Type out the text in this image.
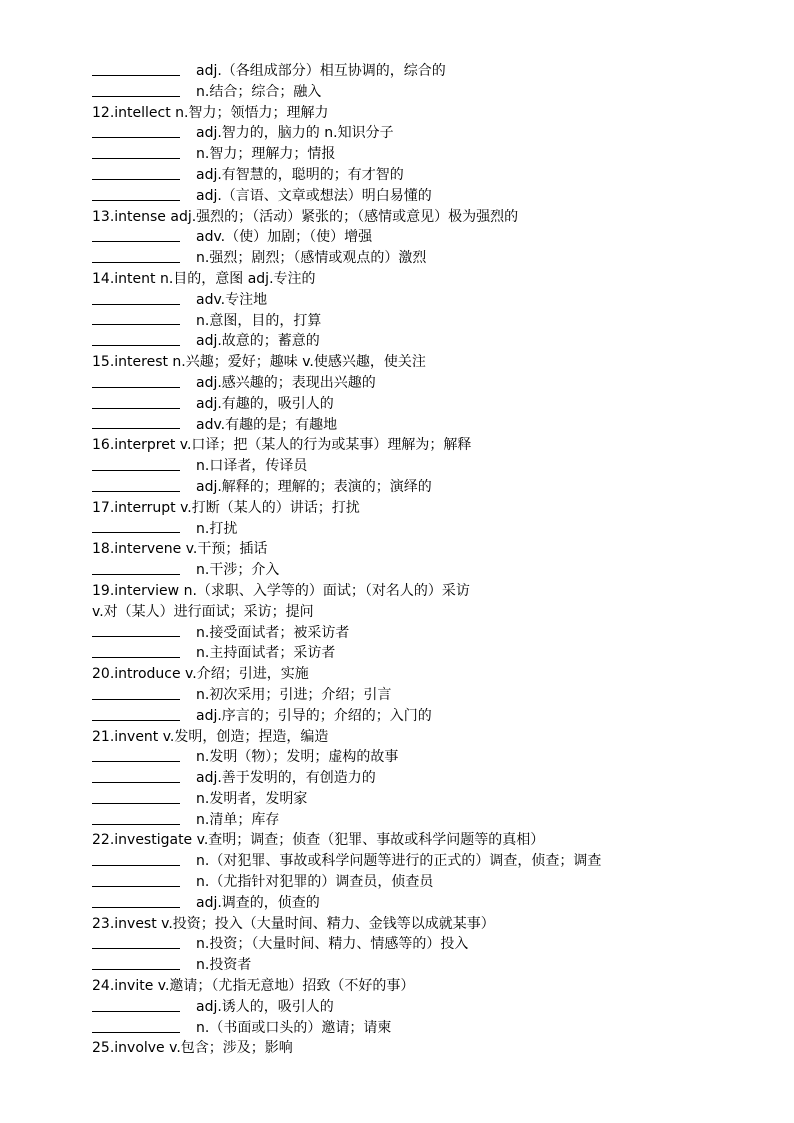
adj.（各组成部分）相互协调的，综合的
n.结合；综合；融入
12.intellect n.智力；领悟力；理解力
adj.智力的，脑力的 n.知识分子
n.智力；理解力；情报
adj.有智慧的，聪明的；有才智的
adj.（言语、文章或想法）明白易懂的
13.intense adj.强烈的；（活动）紧张的；（感情或意见）极为强烈的
adv.（使）加剧；（使）增强
n.强烈；剧烈；（感情或观点的）激烈
14.intent n.目的，意图 adj.专注的
adv.专注地
n.意图，目的，打算
adj.故意的；蓄意的
15.interest n.兴趣；爱好；趣味 v.使感兴趣，使关注
adj.感兴趣的；表现出兴趣的
adj.有趣的，吸引人的
adv.有趣的是；有趣地
16.interpret v.口译；把（某人的行为或某事）理解为；解释
n.口译者，传译员
adj.解释的；理解的；表演的；演绎的
17.interrupt v.打断（某人的）讲话；打扰
n.打扰
18.intervene v.干预；插话
n.干涉；介入
19.interview n.（求职、入学等的）面试；（对名人的）采访
v.对（某人）进行面试；采访；提问
n.接受面试者；被采访者
n.主持面试者；采访者
20.introduce v.介绍；引进，实施
n.初次采用；引进；介绍；引言
adj.序言的；引导的；介绍的；入门的
21.invent v.发明，创造；捏造，编造
n.发明（物）；发明；虚构的故事
adj.善于发明的，有创造力的
n.发明者，发明家
n.清单；库存
22.investigate v.查明；调查；侦查（犯罪、事故或科学问题等的真相）
n.（对犯罪、事故或科学问题等进行的正式的）调查，侦查；调查
n.（尤指针对犯罪的）调查员，侦查员
adj.调查的，侦查的
23.invest v.投资；投入（大量时间、精力、金钱等以成就某事）
n.投资；（大量时间、精力、情感等的）投入
n.投资者
24.invite v.邀请；（尤指无意地）招致（不好的事）
adj.诱人的，吸引人的
n.（书面或口头的）邀请；请柬
25.involve v.包含；涉及；影响
